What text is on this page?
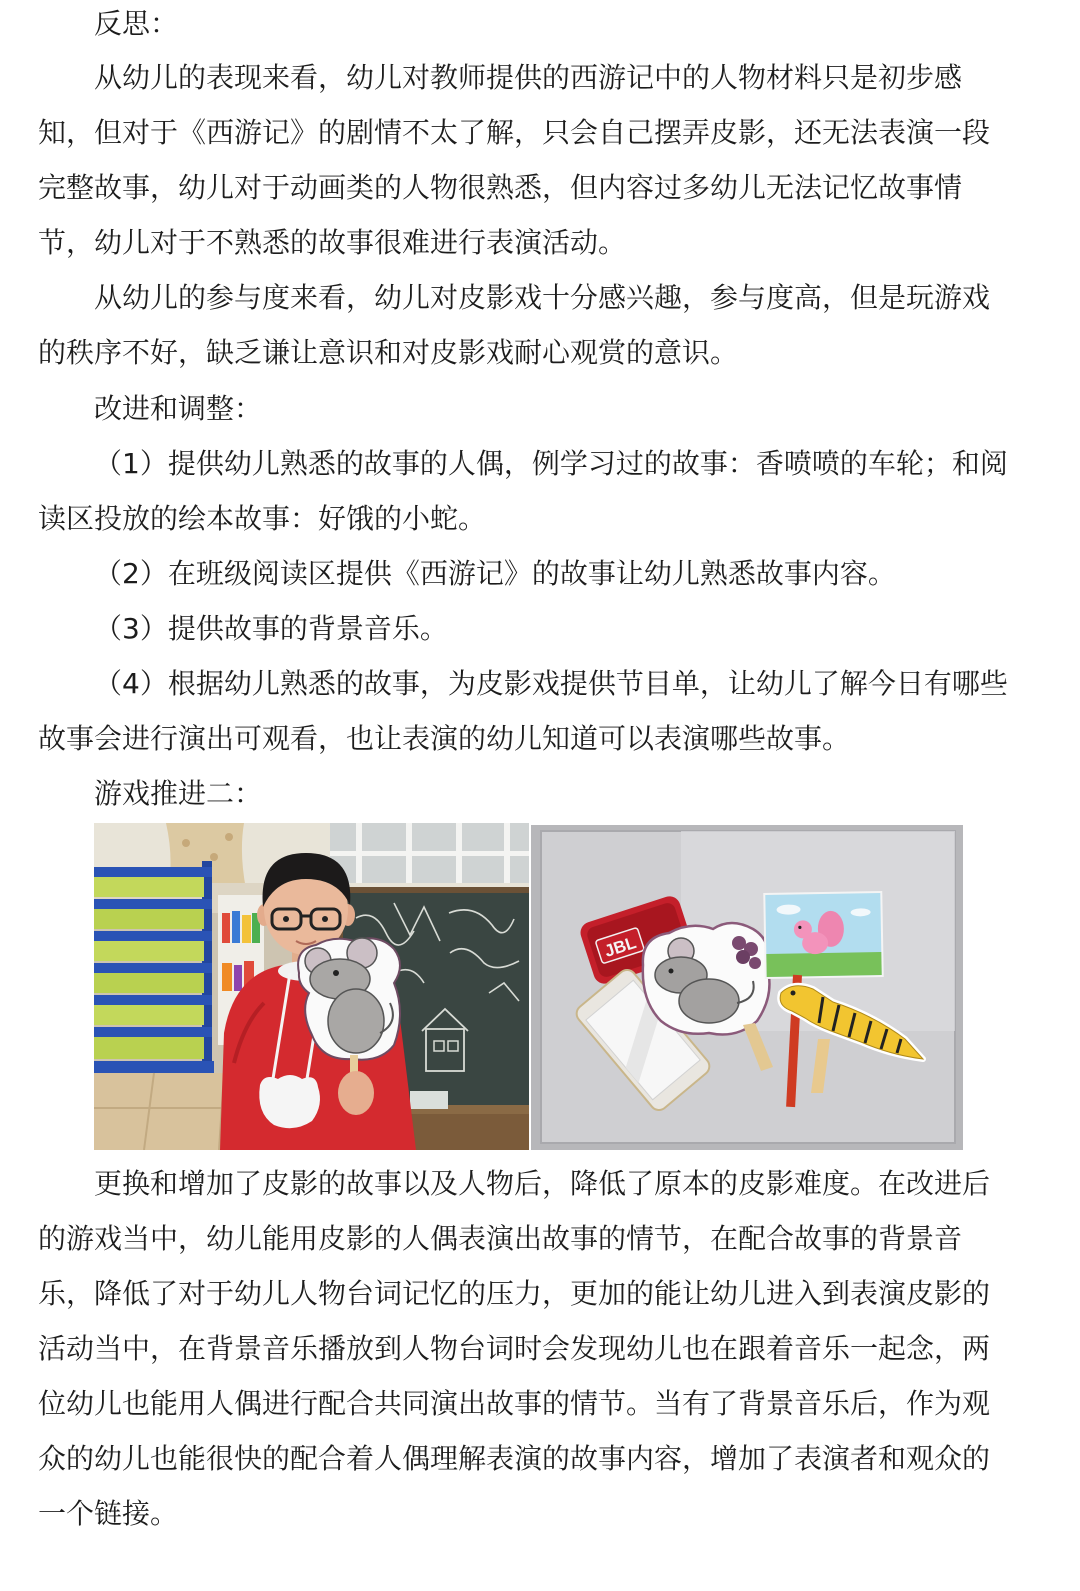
反思：
从幼儿的表现来看，幼儿对教师提供的西游记中的人物材料只是初步感
知，但对于《西游记》的剧情不太了解，只会自己摆弄皮影，还无法表演一段
完整故事，幼儿对于动画类的人物很熟悉，但内容过多幼儿无法记忆故事情
节，幼儿对于不熟悉的故事很难进行表演活动。
从幼儿的参与度来看，幼儿对皮影戏十分感兴趣，参与度高，但是玩游戏
的秩序不好，缺乏谦让意识和对皮影戏耐心观赏的意识。
改进和调整：
（1）提供幼儿熟悉的故事的人偶，例学习过的故事：香喷喷的车轮；和阅
读区投放的绘本故事：好饿的小蛇。
（2）在班级阅读区提供《西游记》的故事让幼儿熟悉故事内容。
（3）提供故事的背景音乐。
（4）根据幼儿熟悉的故事，为皮影戏提供节目单，让幼儿了解今日有哪些
故事会进行演出可观看，也让表演的幼儿知道可以表演哪些故事。
游戏推进二：
JBL
更换和增加了皮影的故事以及人物后，降低了原本的皮影难度。在改进后
的游戏当中，幼儿能用皮影的人偶表演出故事的情节，在配合故事的背景音
乐，降低了对于幼儿人物台词记忆的压力，更加的能让幼儿进入到表演皮影的
活动当中，在背景音乐播放到人物台词时会发现幼儿也在跟着音乐一起念，两
位幼儿也能用人偶进行配合共同演出故事的情节。当有了背景音乐后，作为观
众的幼儿也能很快的配合着人偶理解表演的故事内容，增加了表演者和观众的
一个链接。
